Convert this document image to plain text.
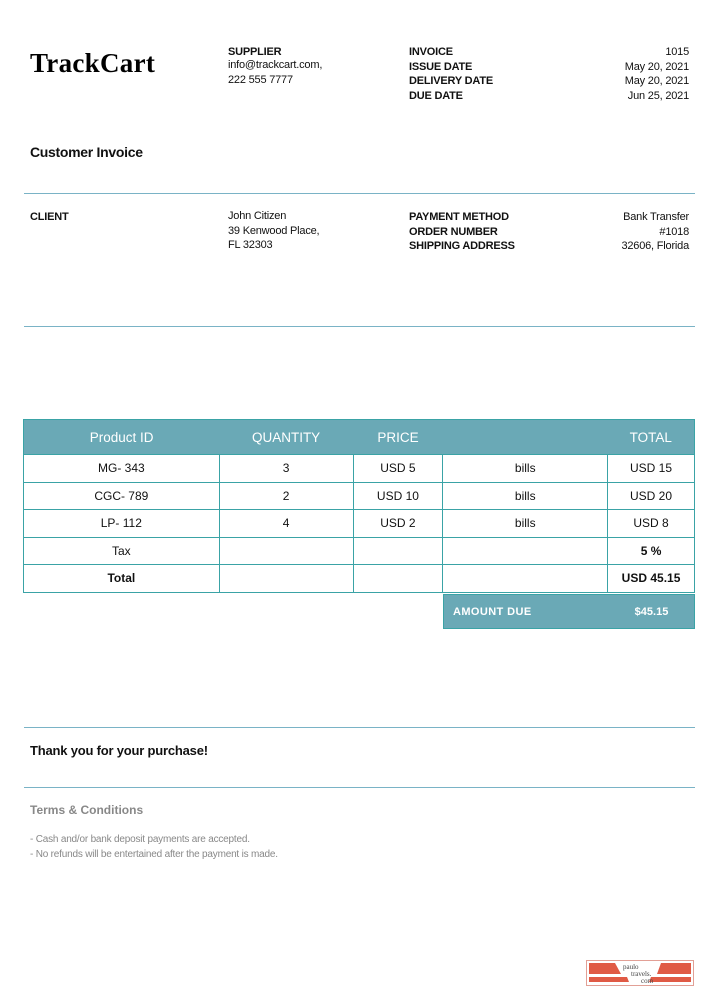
TrackCart	SUPPLIER
info@trackcart.com,
222 555 7777
INVOICE	1015
ISSUE DATE	May 20, 2021
DELIVERY DATE	May 20, 2021
DUE DATE	Jun 25, 2021
Customer Invoice
CLIENT	John Citizen
39 Kenwood Place,
FL 32303
PAYMENT METHOD	Bank Transfer
ORDER NUMBER	#1018
SHIPPING ADDRESS	32606, Florida
Product ID	QUANTITY	PRICE		TOTAL
MG- 343	3	USD 5	bills	USD 15
CGC- 789	2	USD 10	bills	USD 20
LP- 112	4	USD 2	bills	USD 8
Tax				5 %
Total				USD 45.15
AMOUNT DUE	$45.15
Thank you for your purchase!
Terms & Conditions
- Cash and/or bank deposit payments are accepted.
- No refunds will be entertained after the payment is made.
paulo
travels.
com
